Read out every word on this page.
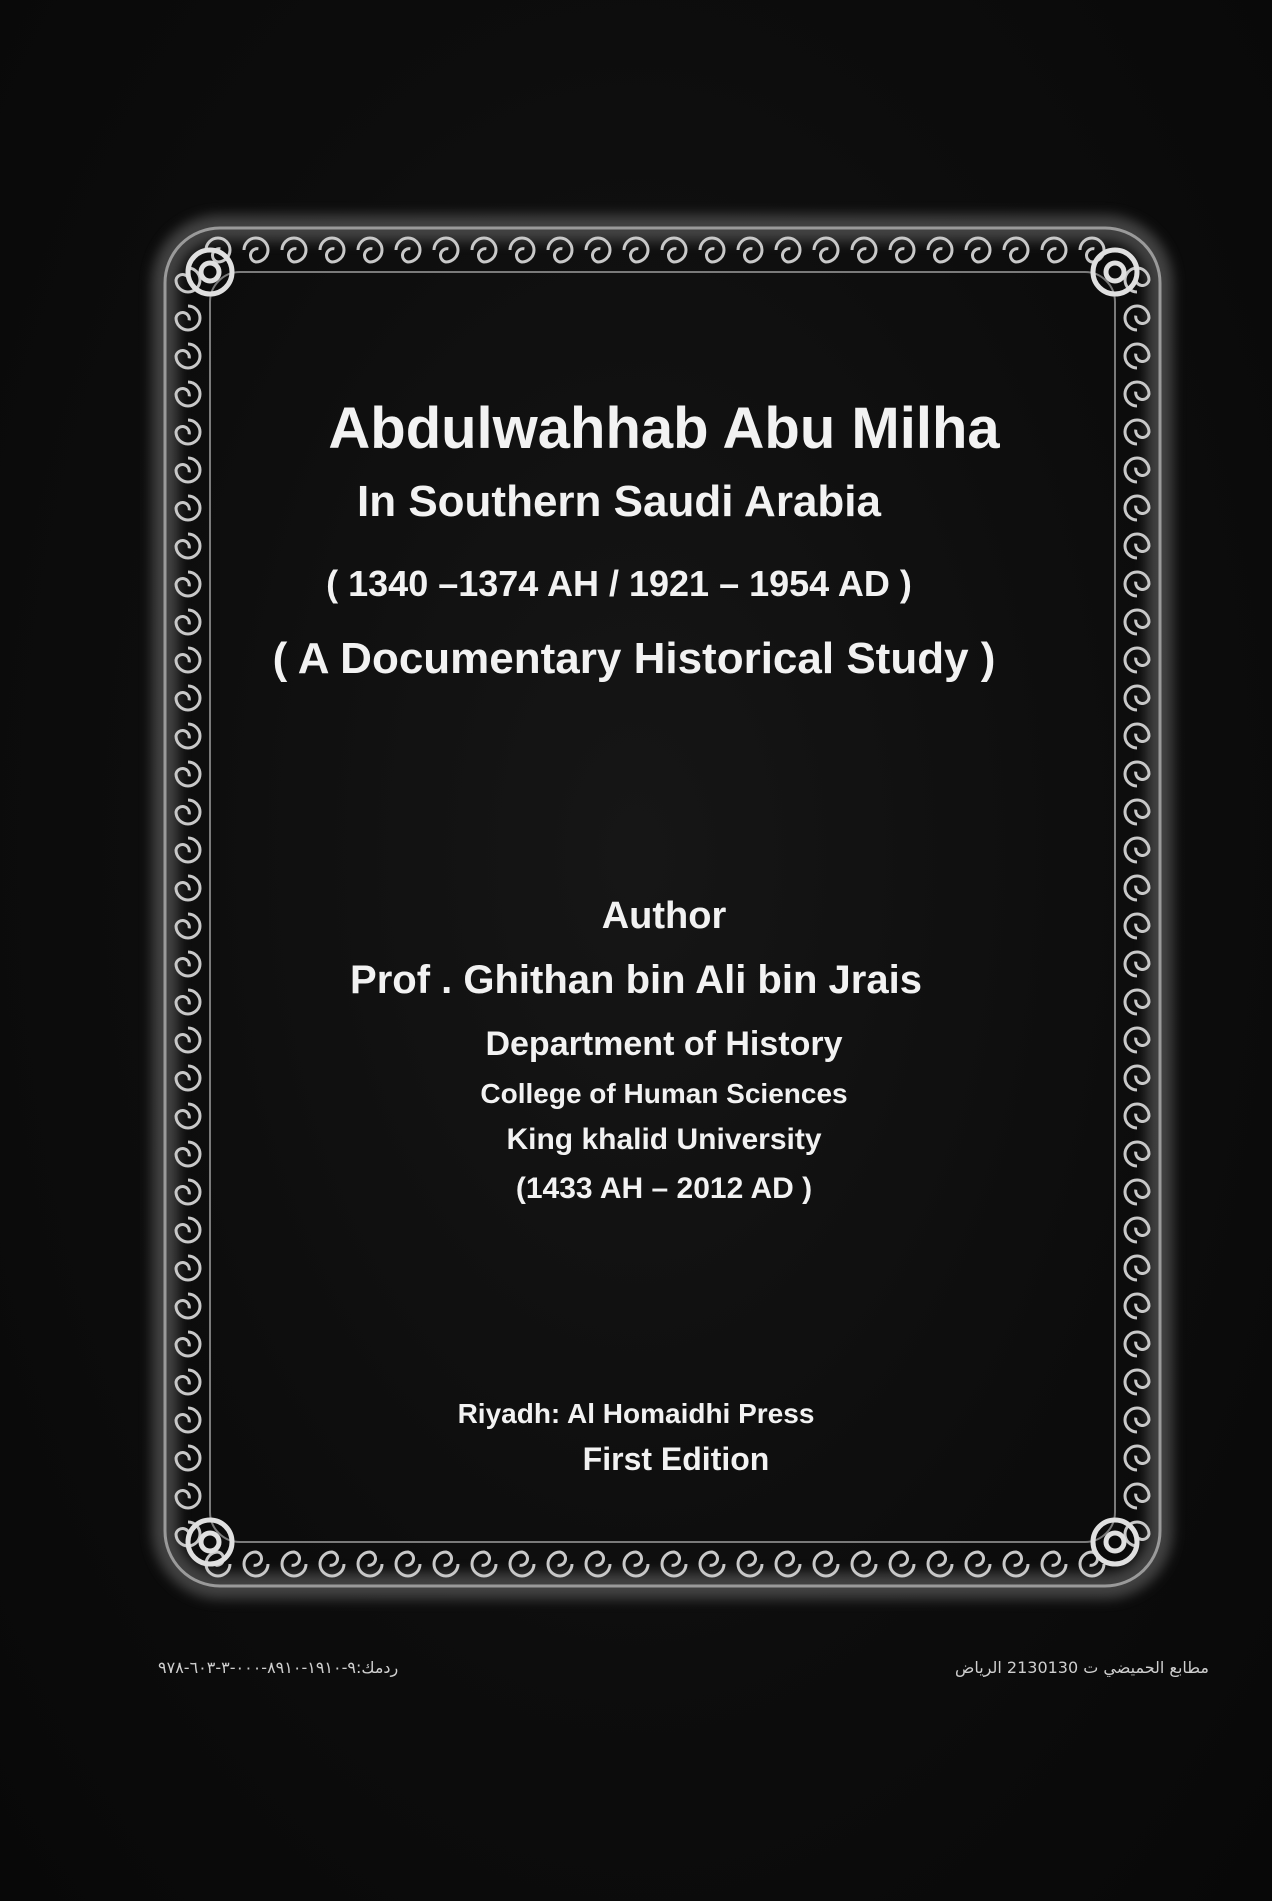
Abdulwahhab Abu Milha
In Southern Saudi Arabia
( 1340 –1374 AH / 1921 – 1954 AD )
( A Documentary Historical Study )
Author
Prof . Ghithan bin Ali bin Jrais
Department of History
College of Human Sciences
King khalid University
(1433 AH – 2012 AD )
Riyadh: Al Homaidhi Press
First Edition
ردمك:٩-١٩١٠-٨٩١٠-٠٠٠-٣-٦٠٣-٩٧٨	مطابع الحميضي ت 2130130 الرياض
